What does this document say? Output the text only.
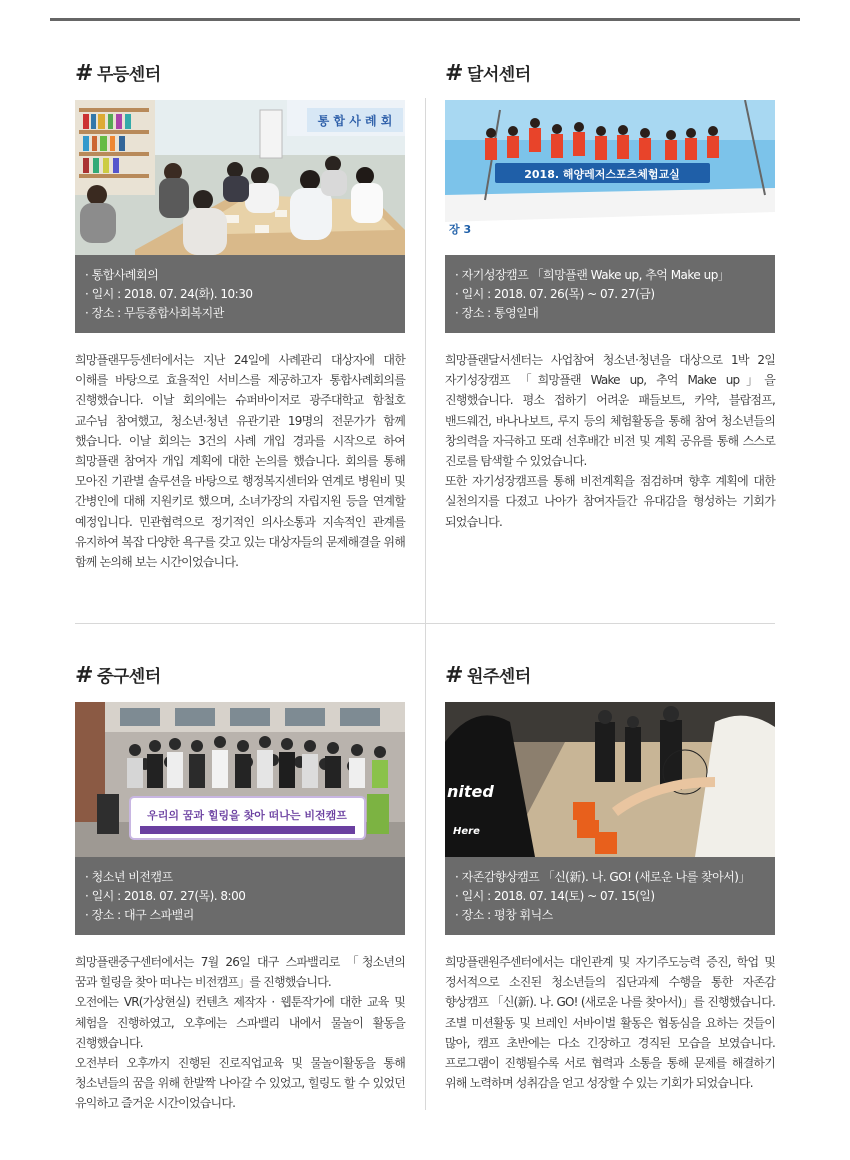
# 무등센터
통 합 사 례 회
· 통합사례회의
· 일시 : 2018. 07. 24(화). 10:30
· 장소 : 무등종합사회복지관

희망플랜무등센터에서는 지난 24일에 사례관리 대상자에 대한 이해를 바탕으로 효율적인 서비스를 제공하고자 통합사례회의를 진행했습니다. 이날 회의에는 슈퍼바이저로 광주대학교 함철호 교수님 참여했고, 청소년·청년 유관기관 19명의 전문가가 함께 했습니다. 이날 회의는 3건의 사례 개입 경과를 시작으로 하여 희망플랜 참여자 개입 계획에 대한 논의를 했습니다. 회의를 통해 모아진 기관별 솔루션을 바탕으로 행정복지센터와 연계로 병원비 및 간병인에 대해 지원키로 했으며, 소녀가장의 자립지원 등을 연계할 예정입니다. 민관협력으로 정기적인 의사소통과 지속적인 관계를 유지하여 복잡 다양한 욕구를 갖고 있는 대상자들의 문제해결을 위해 함께 논의해 보는 시간이었습니다.

# 달서센터
2018. 해양레저스포츠체험교실
장 3
· 자기성장캠프 「희망플랜 Wake up, 추억 Make up」
· 일시 : 2018. 07. 26(목) ~ 07. 27(금)
· 장소 : 통영일대

희망플랜달서센터는 사업참여 청소년·청년을 대상으로 1박 2일 자기성장캠프 「희망플랜 Wake up, 추억 Make up」을 진행했습니다. 평소 접하기 어려운 패들보트, 카약, 블랍점프, 밴드웨건, 바나나보트, 루지 등의 체험활동을 통해 참여 청소년들의 창의력을 자극하고 또래 선후배간 비전 및 계획 공유를 통해 스스로 진로를 탐색할 수 있었습니다.

또한 자기성장캠프를 통해 비전계획을 점검하며 향후 계획에 대한 실천의지를 다졌고 나아가 참여자들간 유대감을 형성하는 기회가 되었습니다.

# 중구센터
우리의 꿈과 힐링을 찾아 떠나는 비전캠프
· 청소년 비전캠프
· 일시 : 2018. 07. 27(목). 8:00
· 장소 : 대구 스파밸리

희망플랜중구센터에서는 7월 26일 대구 스파밸리로 「청소년의 꿈과 힐링을 찾아 떠나는 비전캠프」를 진행했습니다.

오전에는 VR(가상현실) 컨텐츠 제작자 · 웹툰작가에 대한 교육 및 체험을 진행하였고, 오후에는 스파밸리 내에서 물놀이 활동을 진행했습니다.

오전부터 오후까지 진행된 진로직업교육 및 물놀이활동을 통해 청소년들의 꿈을 위해 한발짝 나아갈 수 있었고, 힐링도 할 수 있었던 유익하고 즐거운 시간이었습니다.

# 원주센터
nited
Here
· 자존감향상캠프 「신(新). 나. GO! (새로운 나를 찾아서)」
· 일시 : 2018. 07. 14(토) ~ 07. 15(일)
· 장소 : 평창 휘닉스

희망플랜원주센터에서는 대인관계 및 자기주도능력 증진, 학업 및 정서적으로 소진된 청소년들의 집단과제 수행을 통한 자존감 향상캠프 「신(新). 나. GO! (새로운 나를 찾아서)」를 진행했습니다. 조별 미션활동 및 브레인 서바이벌 활동은 협동심을 요하는 것들이 많아, 캠프 초반에는 다소 긴장하고 경직된 모습을 보였습니다. 프로그램이 진행될수록 서로 협력과 소통을 통해 문제를 해결하기 위해 노력하며 성취감을 얻고 성장할 수 있는 기회가 되었습니다.
